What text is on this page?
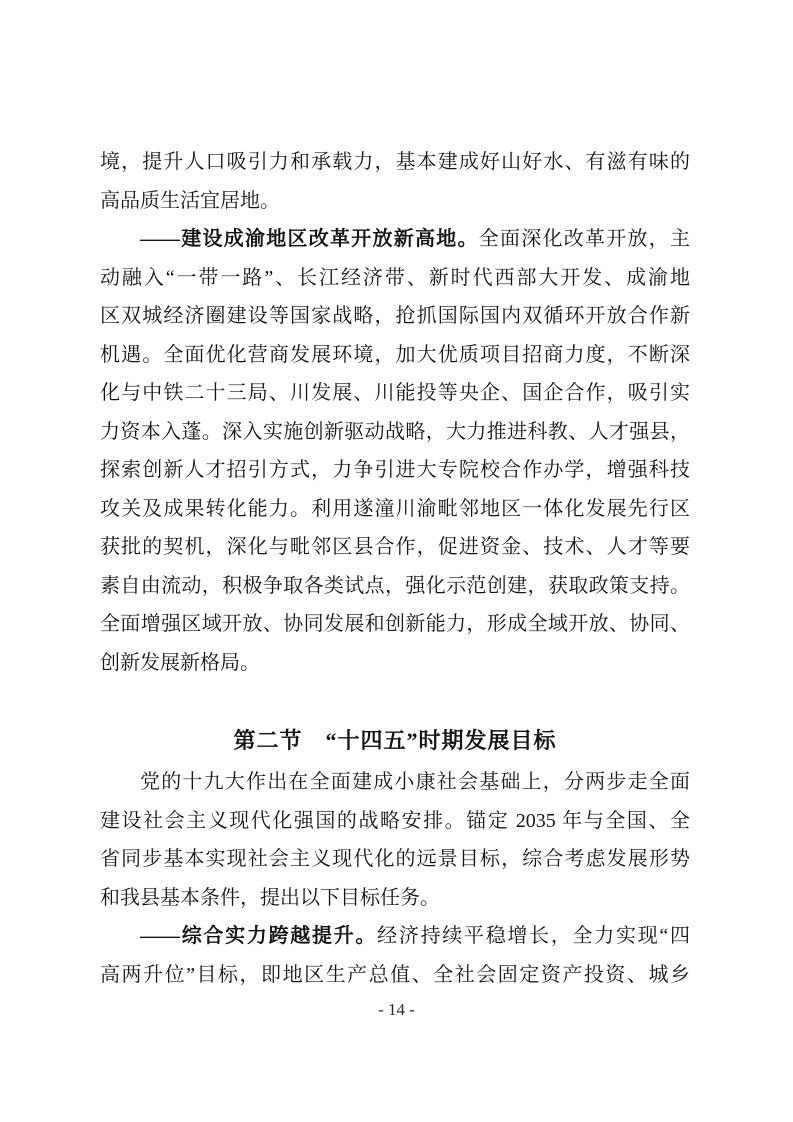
境，提升人口吸引力和承载力，基本建成好山好水、有滋有味的
高品质生活宜居地。
——建设成渝地区改革开放新高地。全面深化改革开放，主
动融入“一带一路”、长江经济带、新时代西部大开发、成渝地
区双城经济圈建设等国家战略，抢抓国际国内双循环开放合作新
机遇。全面优化营商发展环境，加大优质项目招商力度，不断深
化与中铁二十三局、川发展、川能投等央企、国企合作，吸引实
力资本入蓬。深入实施创新驱动战略，大力推进科教、人才强县，
探索创新人才招引方式，力争引进大专院校合作办学，增强科技
攻关及成果转化能力。利用遂潼川渝毗邻地区一体化发展先行区
获批的契机，深化与毗邻区县合作，促进资金、技术、人才等要
素自由流动，积极争取各类试点，强化示范创建，获取政策支持。
全面增强区域开放、协同发展和创新能力，形成全域开放、协同、
创新发展新格局。
第二节　“十四五”时期发展目标
党的十九大作出在全面建成小康社会基础上，分两步走全面
建设社会主义现代化强国的战略安排。锚定 2035 年与全国、全
省同步基本实现社会主义现代化的远景目标，综合考虑发展形势
和我县基本条件，提出以下目标任务。
——综合实力跨越提升。经济持续平稳增长，全力实现“四
高两升位”目标，即地区生产总值、全社会固定资产投资、城乡
- 14 -
